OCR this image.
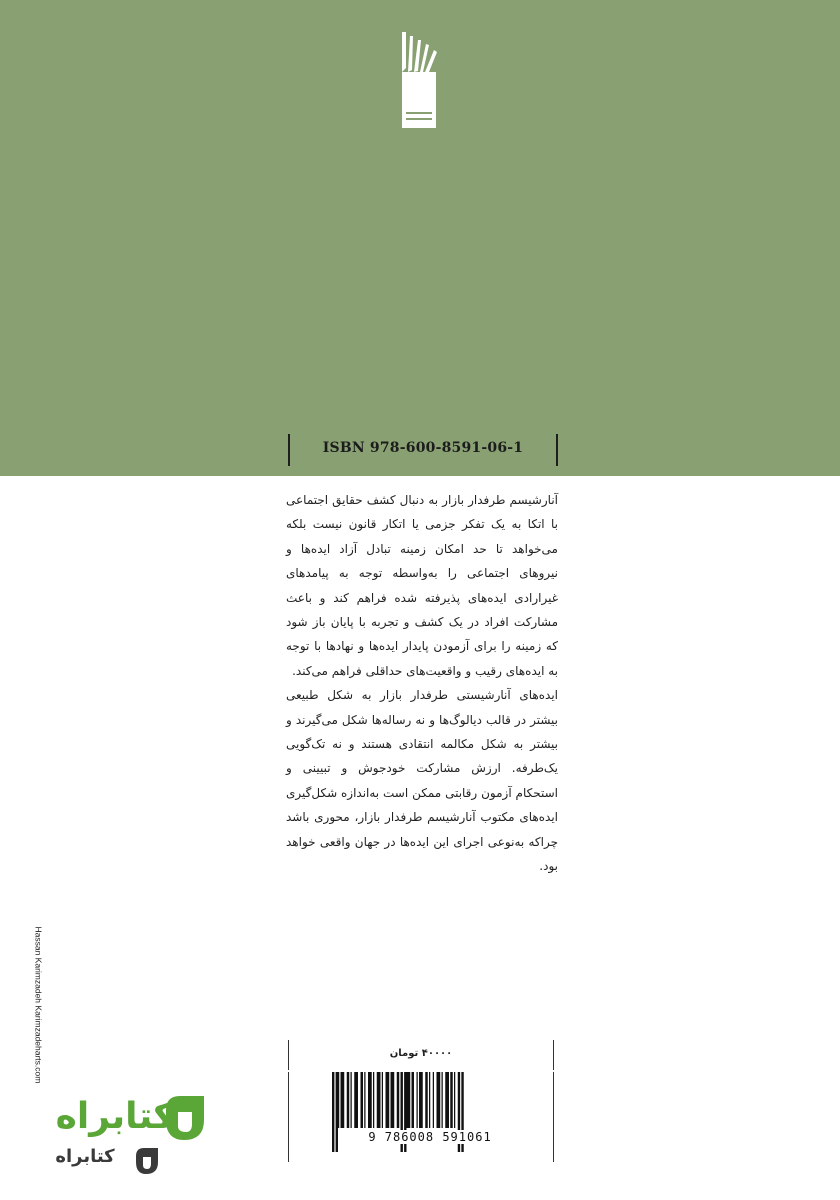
ISBN 978-600-8591-06-1

آنارشیسم طرفدار بازار به دنبال کشف حقایق اجتماعی با اتکا به یک تفکر جزمی یا اتکار قانون نیست بلکه می‌خواهد تا حد امکان زمینه تبادل آزاد ایده‌ها و نیروهای اجتماعی را به‌واسطه توجه به پیامدهای غیرارادی ایده‌های پذیرفته شده فراهم کند و باعث مشارکت افراد در یک کشف و تجربه با پایان باز شود که زمینه را برای آزمودن پایدار ایده‌ها و نهادها با توجه به ایده‌های رقیب و واقعیت‌های حداقلی فراهم می‌کند.

ایده‌های آنارشیستی طرفدار بازار به شکل طبیعی بیشتر در قالب دیالوگ‌ها و نه رساله‌ها شکل می‌گیرند و بیشتر به شکل مکالمه انتقادی هستند و نه تک‌گویی یک‌طرفه. ارزش مشارکت خودجوش و تبیینی و استحکام آزمون رقابتی ممکن است به‌اندازه شکل‌گیری ایده‌های مکتوب آنارشیسم طرفدار بازار، محوری باشد چراکه به‌نوعی اجرای این ایده‌ها در جهان واقعی خواهد بود.

Hassan Karimzadeh Karimzadeharts.com	۴۰۰۰۰ تومان
9 786008 591061
کتابراه
کتابراه
